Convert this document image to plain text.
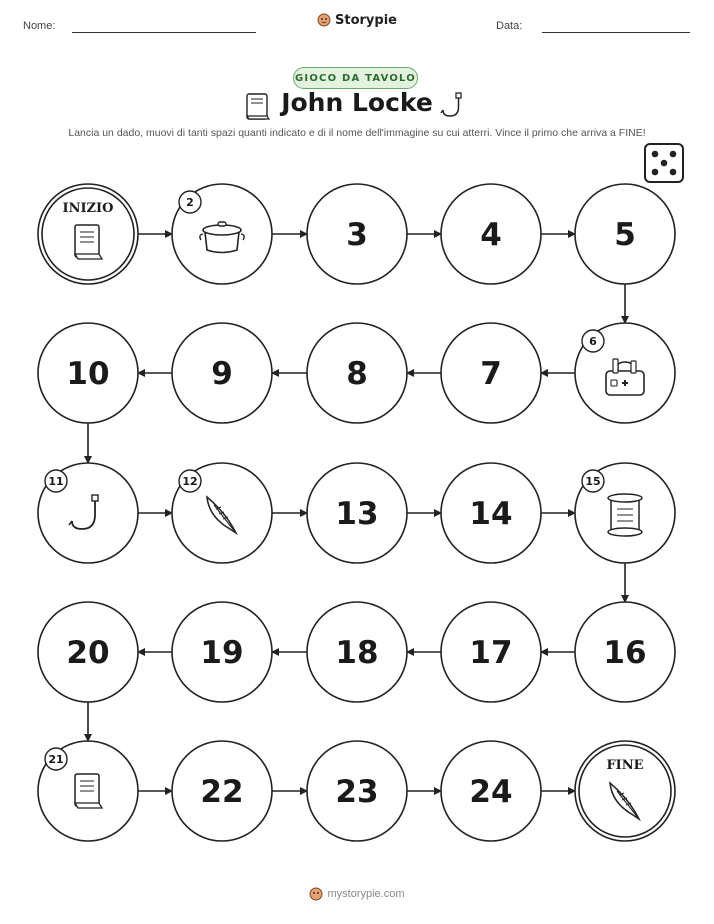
Nome:	Data:
Storypie
GIOCO DA TAVOLO
John Locke
Lancia un dado, muovi di tanti spazi quanti indicato e di il nome dell'immagine su cui atterri. Vince il primo che arriva a FINE!
INIZIO	2
3	4	5
6
7
8
9
10
11	12
13	14
15
16
17
18
19
20
21
22	23	24
FINE
mystorypie.com
